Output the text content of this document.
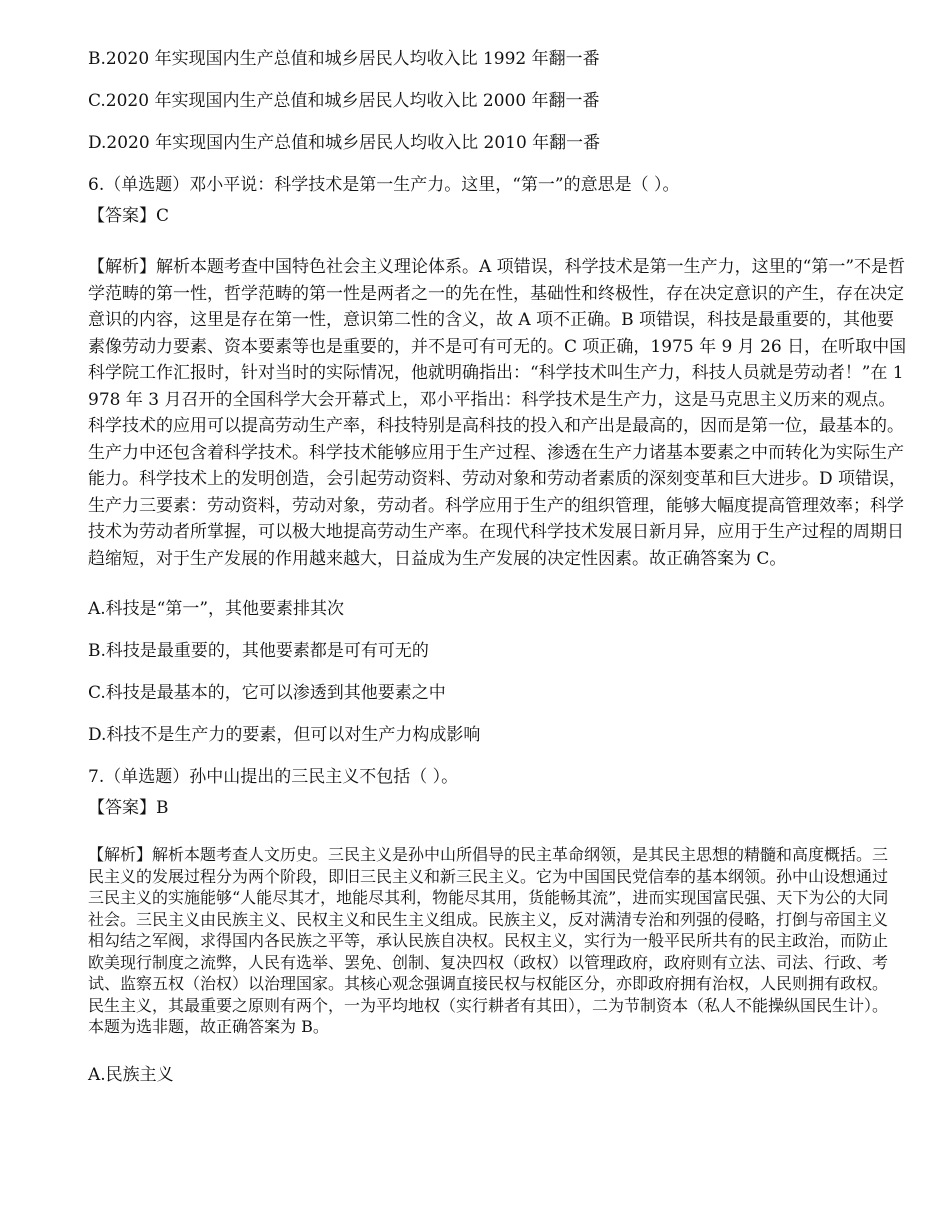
B.2020 年实现国内生产总值和城乡居民人均收入比 1992 年翻一番
C.2020 年实现国内生产总值和城乡居民人均收入比 2000 年翻一番
D.2020 年实现国内生产总值和城乡居民人均收入比 2010 年翻一番
6.（单选题）邓小平说：科学技术是第一生产力。这里，“第一”的意思是（ ）。
【答案】C
【解析】解析本题考查中国特色社会主义理论体系。A 项错误，科学技术是第一生产力，这里的“第一”不是哲学范畴的第一性，哲学范畴的第一性是两者之一的先在性，基础性和终极性，存在决定意识的产生，存在决定意识的内容，这里是存在第一性，意识第二性的含义，故 A 项不正确。B 项错误，科技是最重要的，其他要素像劳动力要素、资本要素等也是重要的，并不是可有可无的。C 项正确，1975 年 9 月 26 日，在听取中国科学院工作汇报时，针对当时的实际情况，他就明确指出：“科学技术叫生产力，科技人员就是劳动者！”在 1978 年 3 月召开的全国科学大会开幕式上，邓小平指出：科学技术是生产力，这是马克思主义历来的观点。科学技术的应用可以提高劳动生产率，科技特别是高科技的投入和产出是最高的，因而是第一位，最基本的。生产力中还包含着科学技术。科学技术能够应用于生产过程、渗透在生产力诸基本要素之中而转化为实际生产能力。科学技术上的发明创造，会引起劳动资料、劳动对象和劳动者素质的深刻变革和巨大进步。D 项错误，生产力三要素：劳动资料，劳动对象，劳动者。科学应用于生产的组织管理，能够大幅度提高管理效率；科学技术为劳动者所掌握，可以极大地提高劳动生产率。在现代科学技术发展日新月异，应用于生产过程的周期日趋缩短，对于生产发展的作用越来越大，日益成为生产发展的决定性因素。故正确答案为 C。
A.科技是“第一”，其他要素排其次
B.科技是最重要的，其他要素都是可有可无的
C.科技是最基本的，它可以渗透到其他要素之中
D.科技不是生产力的要素，但可以对生产力构成影响
7.（单选题）孙中山提出的三民主义不包括（ ）。
【答案】B
【解析】解析本题考查人文历史。三民主义是孙中山所倡导的民主革命纲领，是其民主思想的精髓和高度概括。三民主义的发展过程分为两个阶段，即旧三民主义和新三民主义。它为中国国民党信奉的基本纲领。孙中山设想通过三民主义的实施能够“人能尽其才，地能尽其利，物能尽其用，货能畅其流”，进而实现国富民强、天下为公的大同社会。三民主义由民族主义、民权主义和民生主义组成。民族主义，反对满清专治和列强的侵略，打倒与帝国主义相勾结之军阀，求得国内各民族之平等，承认民族自决权。民权主义，实行为一般平民所共有的民主政治，而防止欧美现行制度之流弊，人民有选举、罢免、创制、复决四权（政权）以管理政府，政府则有立法、司法、行政、考试、监察五权（治权）以治理国家。其核心观念强调直接民权与权能区分，亦即政府拥有治权，人民则拥有政权。民生主义，其最重要之原则有两个，一为平均地权（实行耕者有其田），二为节制资本（私人不能操纵国民生计）。本题为选非题，故正确答案为 B。
A.民族主义
